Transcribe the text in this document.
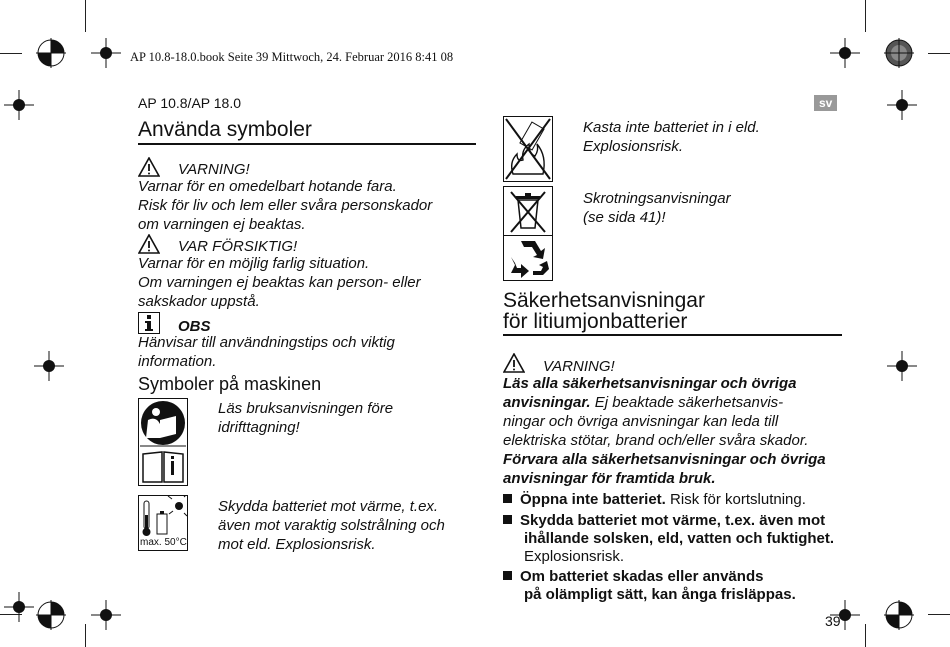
AP 10.8-18.0.book Seite 39 Mittwoch, 24. Februar 2016 8:41 08
AP 10.8/AP 18.0	sv
Använda symboler
VARNING!
Varnar för en omedelbart hotande fara.
Risk för liv och lem eller svåra personskador
om varningen ej beaktas.
VAR FÖRSIKTIG!
Varnar för en möjlig farlig situation.
Om varningen ej beaktas kan person- eller
sakskador uppstå.
OBS
Hänvisar till användningstips och viktig
information.
Symboler på maskinen
Läs bruksanvisningen före
idrifttagning!
max. 50°C
Skydda batteriet mot värme, t.ex.
även mot varaktig solstrålning och
mot eld. Explosionsrisk.
Kasta inte batteriet in i eld.
Explosionsrisk.
Skrotningsanvisningar
(se sida 41)!
Säkerhetsanvisningar
för litiumjonbatterier
VARNING!
Läs alla säkerhetsanvisningar och övriga
anvisningar. Ej beaktade säkerhetsanvis-
ningar och övriga anvisningar kan leda till
elektriska stötar, brand och/eller svåra skador.
Förvara alla säkerhetsanvisningar och övriga
anvisningar för framtida bruk.
Öppna inte batteriet. Risk för kortslutning.
Skydda batteriet mot värme, t.ex. även mot
ihållande solsken, eld, vatten och fuktighet.
Explosionsrisk.
Om batteriet skadas eller används
på olämpligt sätt, kan ånga frisläppas.
39
